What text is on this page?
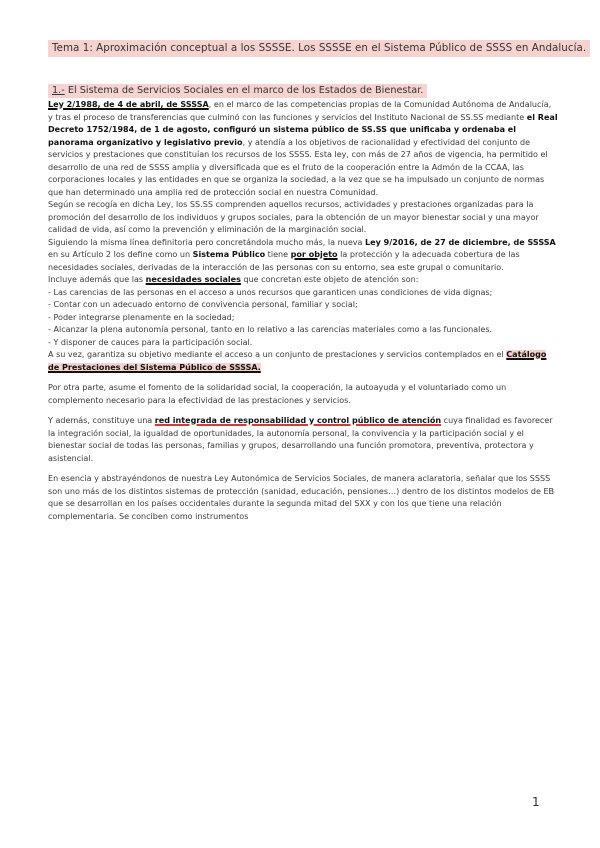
Tema 1: Aproximación conceptual a los SSSSE. Los SSSSE en el Sistema Público de SSSS en Andalucía.
1.- El Sistema de Servicios Sociales en el marco de los Estados de Bienestar.

Ley 2/1988, de 4 de abril, de SSSSA, en el marco de las competencias propias de la Comunidad Autónoma de Andalucía, y tras el proceso de transferencias que culminó con las funciones y servicios del Instituto Nacional de SS.SS mediante el Real Decreto 1752/1984, de 1 de agosto, configuró un sistema público de SS.SS que unificaba y ordenaba el panorama organizativo y legislativo previo, y atendía a los objetivos de racionalidad y efectividad del conjunto de servicios y prestaciones que constituían los recursos de los SSSS. Esta ley, con más de 27 años de vigencia, ha permitido el desarrollo de una red de SSSS amplia y diversificada que es el fruto de la cooperación entre la Admón de la CCAA, las corporaciones locales y las entidades en que se organiza la sociedad, a la vez que se ha impulsado un conjunto de normas que han determinado una amplia red de protección social en nuestra Comunidad.

Según se recogía en dicha Ley, los SS.SS comprenden aquellos recursos, actividades y prestaciones organizadas para la promoción del desarrollo de los individuos y grupos sociales, para la obtención de un mayor bienestar social y una mayor calidad de vida, así como la prevención y eliminación de la marginación social.

Siguiendo la misma línea definitoria pero concretándola mucho más, la nueva Ley 9/2016, de 27 de diciembre, de SSSSA en su Artículo 2 los define como un Sistema Público tiene por objeto la protección y la adecuada cobertura de las necesidades sociales, derivadas de la interacción de las personas con su entorno, sea este grupal o comunitario.

Incluye además que las necesidades sociales que concretan este objeto de atención son:

- Las carencias de las personas en el acceso a unos recursos que garanticen unas condiciones de vida dignas;

- Contar con un adecuado entorno de convivencia personal, familiar y social;

- Poder integrarse plenamente en la sociedad;

- Alcanzar la plena autonomía personal, tanto en lo relativo a las carencias materiales como a las funcionales.

- Y disponer de cauces para la participación social.

A su vez, garantiza su objetivo mediante el acceso a un conjunto de prestaciones y servicios contemplados en el Catálogo de Prestaciones del Sistema Público de SSSSA.

Por otra parte, asume el fomento de la solidaridad social, la cooperación, la autoayuda y el voluntariado como un complemento necesario para la efectividad de las prestaciones y servicios.

Y además, constituye una red integrada de responsabilidad y control público de atención cuya finalidad es favorecer la integración social, la igualdad de oportunidades, la autonomía personal, la convivencia y la participación social y el bienestar social de todas las personas, familias y grupos, desarrollando una función promotora, preventiva, protectora y asistencial.

En esencia y abstrayéndonos de nuestra Ley Autonómica de Servicios Sociales, de manera aclaratoria, señalar que los SSSS son uno más de los distintos sistemas de protección (sanidad, educación, pensiones…) dentro de los distintos modelos de EB que se desarrollan en los países occidentales durante la segunda mitad del SXX y con los que tiene una relación complementaria. Se conciben como instrumentos

1
